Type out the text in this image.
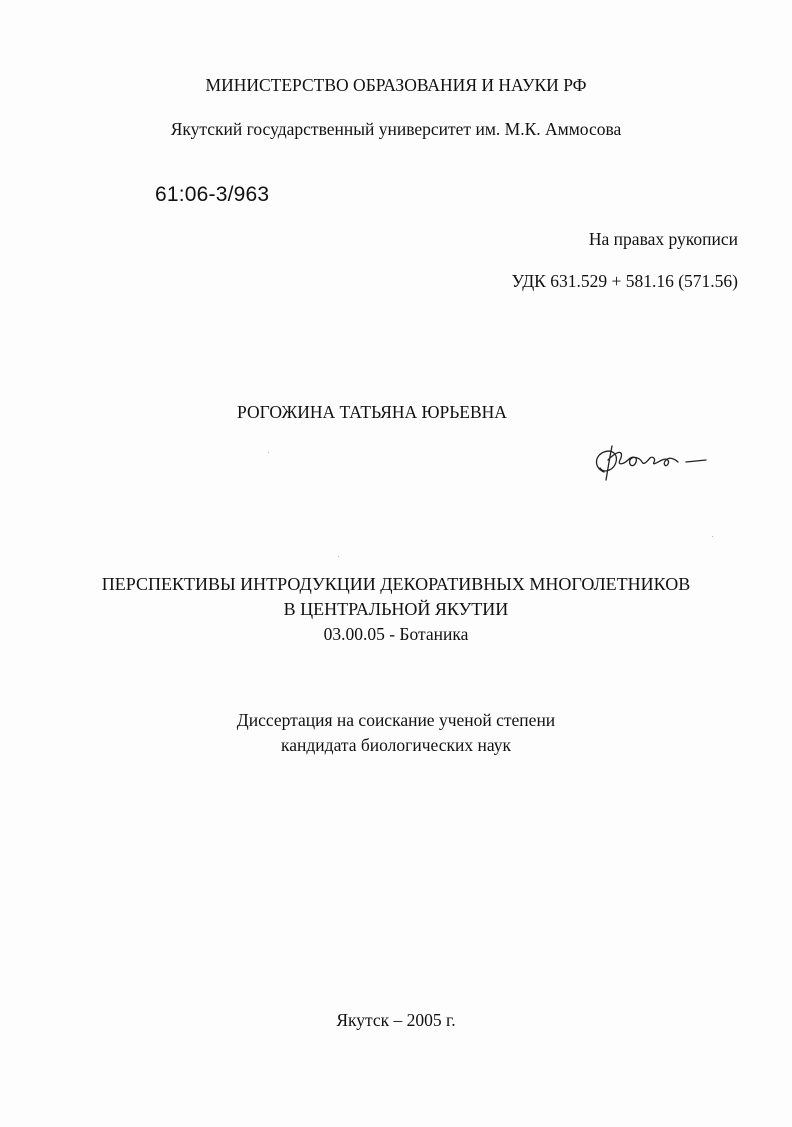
МИНИСТЕРСТВО ОБРАЗОВАНИЯ И НАУКИ РФ
Якутский государственный университет им. М.К. Аммосова
61:06-3/963
На правах рукописи
УДК 631.529 + 581.16 (571.56)
РОГОЖИНА ТАТЬЯНА ЮРЬЕВНА
ПЕРСПЕКТИВЫ ИНТРОДУКЦИИ ДЕКОРАТИВНЫХ МНОГОЛЕТНИКОВ
В ЦЕНТРАЛЬНОЙ ЯКУТИИ
03.00.05 - Ботаника
Диссертация на соискание ученой степени
кандидата биологических наук
Якутск – 2005 г.
